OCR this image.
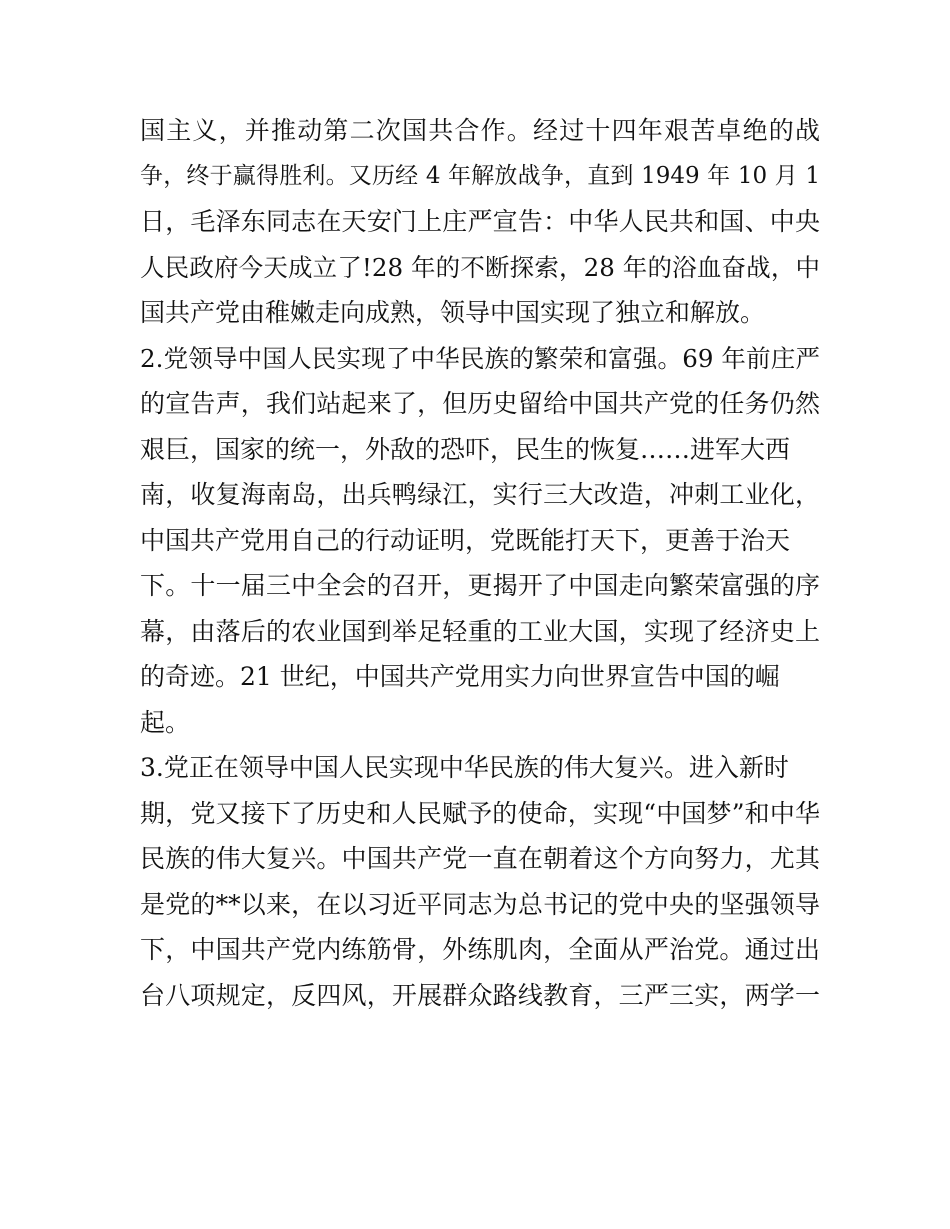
国主义，并推动第二次国共合作。经过十四年艰苦卓绝的战
争，终于赢得胜利。又历经 4 年解放战争，直到 1949 年 10 月 1
日，毛泽东同志在天安门上庄严宣告：中华人民共和国、中央
人民政府今天成立了!28 年的不断探索，28 年的浴血奋战，中
国共产党由稚嫩走向成熟，领导中国实现了独立和解放。
2.党领导中国人民实现了中华民族的繁荣和富强。69 年前庄严
的宣告声，我们站起来了，但历史留给中国共产党的任务仍然
艰巨，国家的统一，外敌的恐吓，民生的恢复……进军大西
南，收复海南岛，出兵鸭绿江，实行三大改造，冲刺工业化，
中国共产党用自己的行动证明，党既能打天下，更善于治天
下。十一届三中全会的召开，更揭开了中国走向繁荣富强的序
幕，由落后的农业国到举足轻重的工业大国，实现了经济史上
的奇迹。21 世纪，中国共产党用实力向世界宣告中国的崛
起。
3.党正在领导中国人民实现中华民族的伟大复兴。进入新时
期，党又接下了历史和人民赋予的使命，实现“中国梦”和中华
民族的伟大复兴。中国共产党一直在朝着这个方向努力，尤其
是党的**以来，在以习近平同志为总书记的党中央的坚强领导
下，中国共产党内练筋骨，外练肌肉，全面从严治党。通过出
台八项规定，反四风，开展群众路线教育，三严三实，两学一
